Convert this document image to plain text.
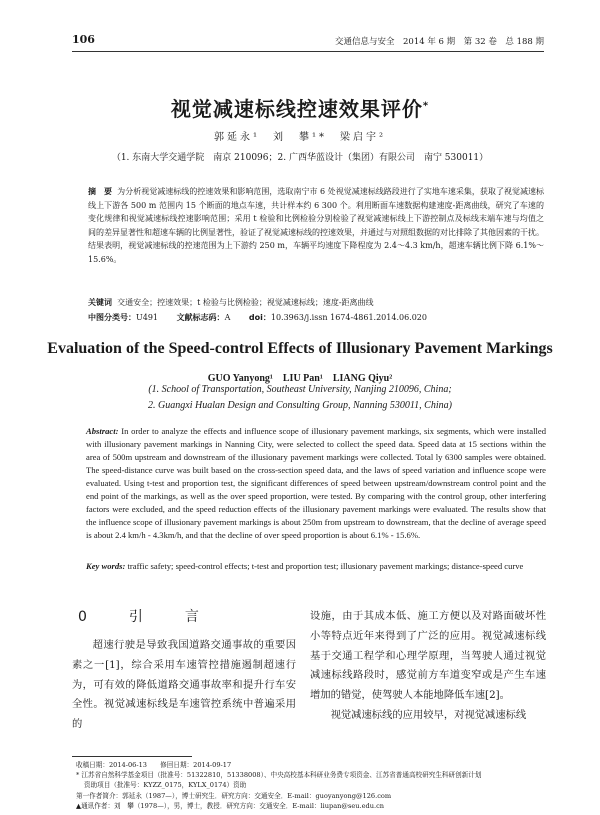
106	交通信息与安全　2014 年 6 期　第 32 卷　总 188 期
视觉减速标线控速效果评价*
郭延永¹　刘　攀¹*　梁启宇²
（1. 东南大学交通学院　南京 210096；2. 广西华蓝设计（集团）有限公司　南宁 530011）
摘　要 为分析视觉减速标线的控速效果和影响范围，选取南宁市 6 处视觉减速标线路段进行了实地车速采集，获取了视觉减速标线上下游各 500 m 范围内 15 个断面的地点车速，共计样本约 6 300 个。利用断面车速数据构建速度-距离曲线，研究了车速的变化规律和视觉减速标线控速影响范围；采用 t 检验和比例检验分别检验了视觉减速标线上下游控制点及标线末端车速与均值之间的差异显著性和超速车辆的比例显著性，验证了视觉减速标线的控速效果，并通过与对照组数据的对比排除了其他因素的干扰。结果表明，视觉减速标线的控速范围为上下游约 250 m，车辆平均速度下降程度为 2.4～4.3 km/h，超速车辆比例下降 6.1%～15.6%。
关键词 交通安全；控速效果；t 检验与比例检验；视觉减速标线；速度-距离曲线
中图分类号：U491 文献标志码：A doi：10.3963/j.issn 1674-4861.2014.06.020
Evaluation of the Speed-control Effects of Illusionary Pavement Markings
GUO Yanyong¹　LIU Pan¹　LIANG Qiyu²
(1. School of Transportation, Southeast University, Nanjing 210096, China;
2. Guangxi Hualan Design and Consulting Group, Nanning 530011, China)
Abstract: In order to analyze the effects and influence scope of illusionary pavement markings, six segments, which were installed with illusionary pavement markings in Nanning City, were selected to collect the speed data. Speed data at 15 sections within the area of 500m upstream and downstream of the illusionary pavement markings were collected. Total ly 6300 samples were obtained. The speed-distance curve was built based on the cross-section speed data, and the laws of speed variation and influence scope were evaluated. Using t-test and proportion test, the significant differences of speed between upstream/downstream control point and the end point of the markings, as well as the over speed proportion, were tested. By comparing with the control group, other interfering factors were excluded, and the speed reduction effects of the illusionary pavement markings were evaluated. The results show that the influence scope of illusionary pavement markings is about 250m from upstream to downstream, that the decline of average speed is about 2.4 km/h - 4.3km/h, and that the decline of over speed proportion is about 6.1% - 15.6%.
Key words: traffic safety; speed-control effects; t-test and proportion test; illusionary pavement markings; distance-speed curve
0　引　言

超速行驶是导致我国道路交通事故的重要因素之一[1]，综合采用车速管控措施遏制超速行为，可有效的降低道路交通事故率和提升行车安全性。视觉减速标线是车速管控系统中普遍采用的

设施，由于其成本低、施工方便以及对路面破坏性小等特点近年来得到了广泛的应用。视觉减速标线基于交通工程学和心理学原理，当驾驶人通过视觉减速标线路段时，感觉前方车道变窄或是产生车速增加的错觉，使驾驶人本能地降低车速[2]。

视觉减速标线的应用较早，对视觉减速标线

收稿日期：2014-06-13　　修回日期：2014-09-17
* 江苏省自然科学基金项目（批准号：51322810，51338008）、中央高校基本科研业务费专项资金、江苏省普通高校研究生科研创新计划
资助项目（批准号：KYZZ_0175，KYLX_0174）资助
第一作者简介：郭延永（1987—），博士研究生．研究方向：交通安全．E-mail：guoyanyong@126.com
▲通讯作者：刘　攀（1978—），男，博士，教授．研究方向：交通安全．E-mail：liupan@seu.edu.cn
